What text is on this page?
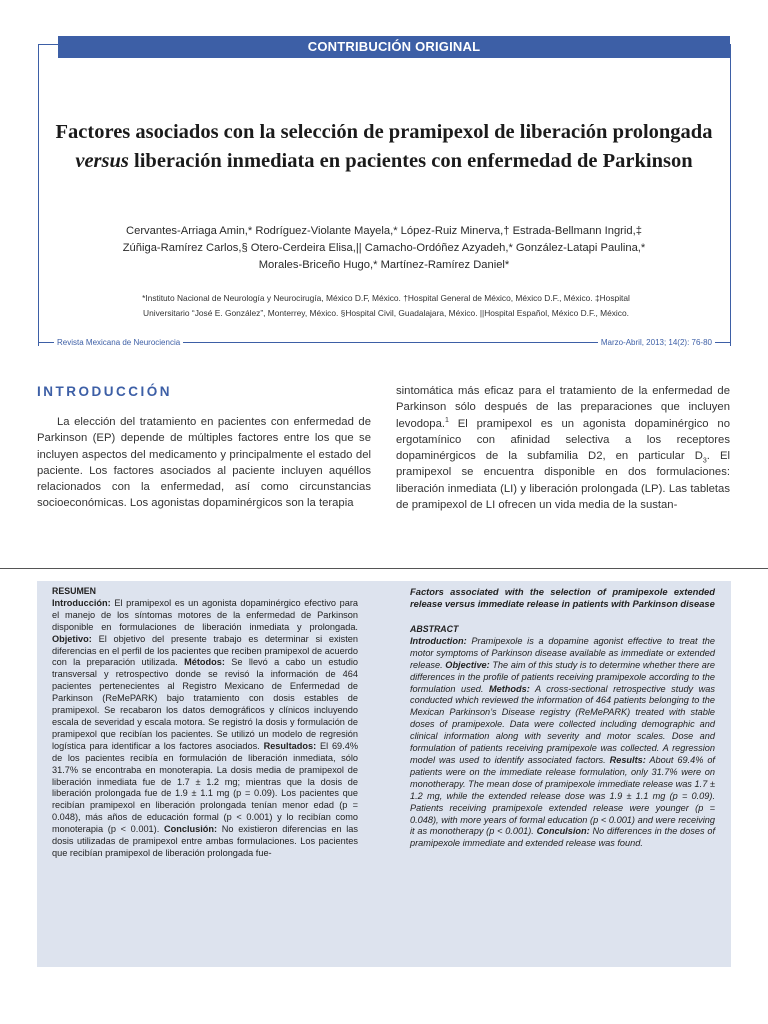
CONTRIBUCIÓN ORIGINAL
Factores asociados con la selección de pramipexol de liberación prolongada versus liberación inmediata en pacientes con enfermedad de Parkinson
Cervantes-Arriaga Amin,* Rodríguez-Violante Mayela,* López-Ruiz Minerva,† Estrada-Bellmann Ingrid,‡
Zúñiga-Ramírez Carlos,§ Otero-Cerdeira Elisa,|| Camacho-Ordóñez Azyadeh,* González-Latapi Paulina,*
Morales-Briceño Hugo,* Martínez-Ramírez Daniel*
*Instituto Nacional de Neurología y Neurocirugía, México D.F, México. †Hospital General de México, México D.F., México. ‡Hospital
Universitario “José E. González”, Monterrey, México. §Hospital Civil, Guadalajara, México. ||Hospital Español, México D.F., México.
Revista Mexicana de Neurociencia	Marzo-Abril, 2013; 14(2): 76-80
INTRODUCCIÓN

La elección del tratamiento en pacientes con enfermedad de Parkinson (EP) depende de múltiples factores entre los que se incluyen aspectos del medicamento y principalmente el estado del paciente. Los factores asociados al paciente incluyen aquéllos relacionados con la enfermedad, así como circunstancias socioeconómicas. Los agonistas dopaminérgicos son la terapia

sintomática más eficaz para el tratamiento de la enfermedad de Parkinson sólo después de las preparaciones que incluyen levodopa.$^1$ El pramipexol es un agonista dopaminérgico no ergotamínico con afinidad selectiva a los receptores dopaminérgicos de la subfamilia D2, en particular $D_3$. El pramipexol se encuentra disponible en dos formulaciones: liberación inmediata (LI) y liberación prolongada (LP). Las tabletas de pramipexol de LI ofrecen un vida media de la sustan-

RESUMEN
Introducción: El pramipexol es un agonista dopaminérgico efectivo para el manejo de los síntomas motores de la enfermedad de Parkinson disponible en formulaciones de liberación inmediata y prolongada. Objetivo: El objetivo del presente trabajo es determinar si existen diferencias en el perfil de los pacientes que reciben pramipexol de acuerdo con la preparación utilizada. Métodos: Se llevó a cabo un estudio transversal y retrospectivo donde se revisó la información de 464 pacientes pertenecientes al Registro Mexicano de Enfermedad de Parkinson (ReMePARK) bajo tratamiento con dosis estables de pramipexol. Se recabaron los datos demográficos y clínicos incluyendo escala de severidad y escala motora. Se registró la dosis y formulación de pramipexol que recibían los pacientes. Se utilizó un modelo de regresión logística para identificar a los factores asociados. Resultados: El 69.4% de los pacientes recibía en formulación de liberación inmediata, sólo 31.7% se encontraba en monoterapia. La dosis media de pramipexol de liberación inmediata fue de 1.7 ± 1.2 mg; mientras que la dosis de liberación prolongada fue de 1.9 ± 1.1 mg (p = 0.09). Los pacientes que recibían pramipexol en liberación prolongada tenían menor edad (p = 0.048), más años de educación formal (p < 0.001) y lo recibían como monoterapia (p < 0.001). Conclusión: No existieron diferencias en las dosis utilizadas de pramipexol entre ambas formulaciones. Los pacientes que recibían pramipexol de liberación prolongada fue-
Factors associated with the selection of pramipexole extended release versus immediate release in patients with Parkinson disease
ABSTRACT
Introduction: Pramipexole is a dopamine agonist effective to treat the motor symptoms of Parkinson disease available as immediate or extended release. Objective: The aim of this study is to determine whether there are differences in the profile of patients receiving pramipexole according to the formulation used. Methods: A cross-sectional retrospective study was conducted which reviewed the information of 464 patients belonging to the Mexican Parkinson’s Disease registry (ReMePARK) treated with stable doses of pramipexole. Data were collected including demographic and clinical information along with severity and motor scales. Dose and formulation of patients receiving pramipexole was collected. A regression model was used to identify associated factors. Results: About 69.4% of patients were on the immediate release formulation, only 31.7% were on monotherapy. The mean dose of pramipexole immediate release was 1.7 ± 1.2 mg, while the extended release dose was 1.9 ± 1.1 mg (p = 0.09). Patients receiving pramipexole extended release were younger (p = 0.048), with more years of formal education (p < 0.001) and were receiving it as monotherapy (p < 0.001). Conculsion: No differences in the doses of pramipexole immediate and extended release was found.
